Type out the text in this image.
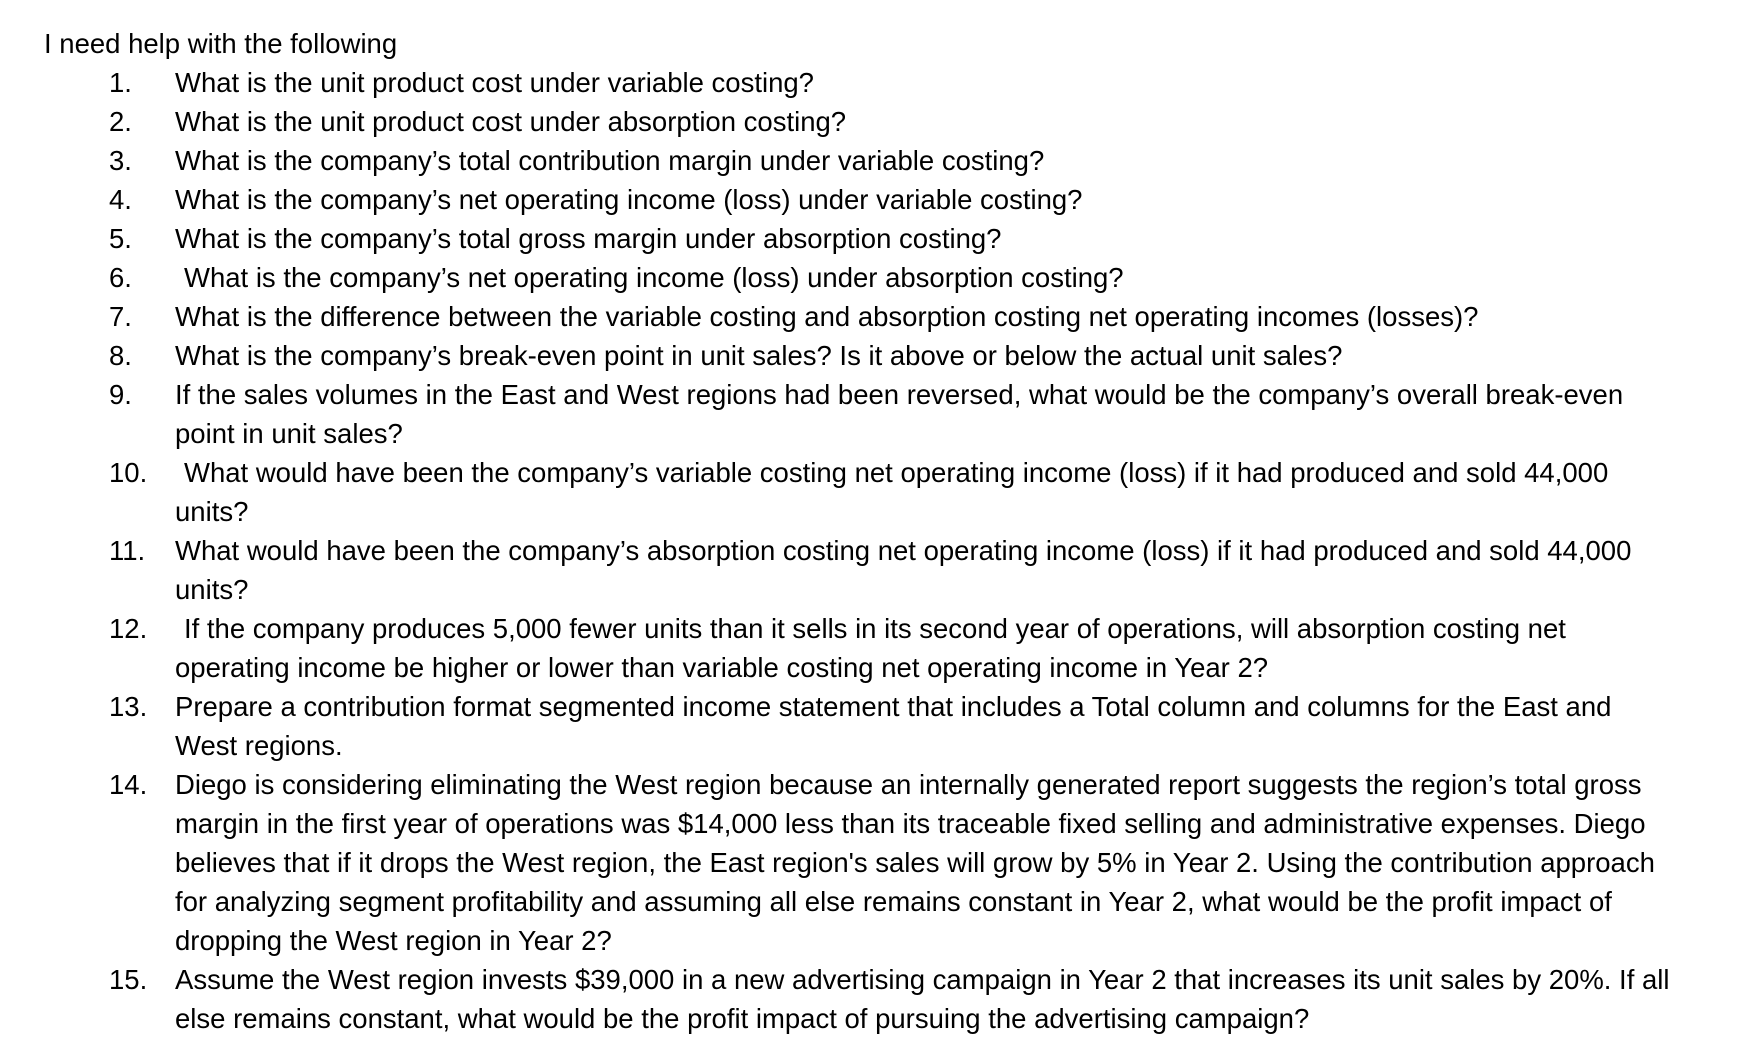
I need help with the following

1. What is the unit product cost under variable costing?
2. What is the unit product cost under absorption costing?
3. What is the company’s total contribution margin under variable costing?
4. What is the company’s net operating income (loss) under variable costing?
5. What is the company’s total gross margin under absorption costing?
6.	What is the company’s net operating income (loss) under absorption costing?
7. What is the difference between the variable costing and absorption costing net operating incomes (losses)?
8. What is the company’s break-even point in unit sales? Is it above or below the actual unit sales?
9. If the sales volumes in the East and West regions had been reversed, what would be the company’s overall break-even point in unit sales?
10.	What would have been the company’s variable costing net operating income (loss) if it had produced and sold 44,000 units?
11. What would have been the company’s absorption costing net operating income (loss) if it had produced and sold 44,000 units?
12.	If the company produces 5,000 fewer units than it sells in its second year of operations, will absorption costing net operating income be higher or lower than variable costing net operating income in Year 2?
13. Prepare a contribution format segmented income statement that includes a Total column and columns for the East and West regions.
14. Diego is considering eliminating the West region because an internally generated report suggests the region’s total gross margin in the first year of operations was $14,000 less than its traceable fixed selling and administrative expenses. Diego believes that if it drops the West region, the East region's sales will grow by 5% in Year 2. Using the contribution approach for analyzing segment profitability and assuming all else remains constant in Year 2, what would be the profit impact of dropping the West region in Year 2?
15. Assume the West region invests $39,000 in a new advertising campaign in Year 2 that increases its unit sales by 20%. If all else remains constant, what would be the profit impact of pursuing the advertising campaign?
